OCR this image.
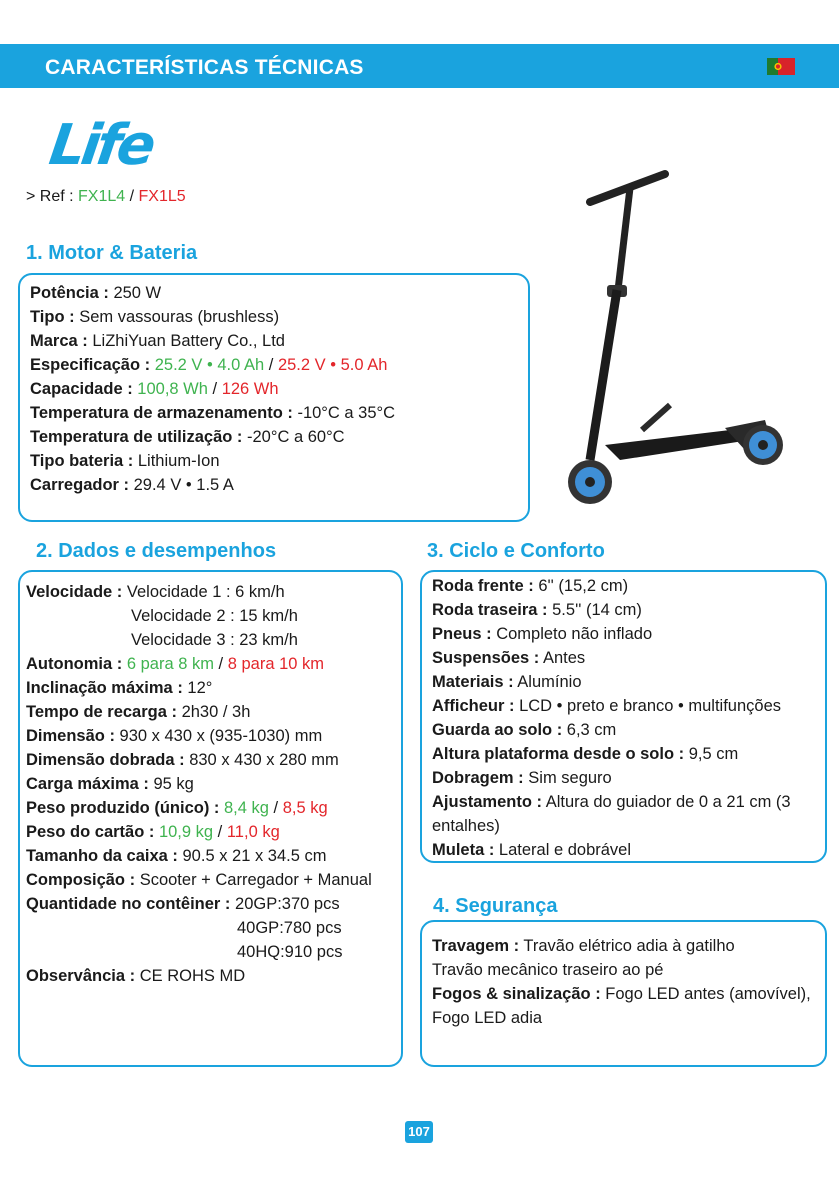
CARACTERÍSTICAS TÉCNICAS
Life
> Ref : FX1L4 / FX1L5
1. Motor & Bateria
Potência : 250 W
Tipo : Sem vassouras (brushless)
Marca : LiZhiYuan Battery Co., Ltd
Especificação : 25.2 V • 4.0 Ah / 25.2 V • 5.0 Ah
Capacidade : 100,8 Wh / 126 Wh
Temperatura de armazenamento : -10°C a 35°C
Temperatura de utilização : -20°C a 60°C
Tipo bateria : Lithium-Ion
Carregador : 29.4 V • 1.5 A
2. Dados e desempenhos
Velocidade : Velocidade 1 : 6 km/h
Velocidade 2 : 15 km/h
Velocidade 3 : 23 km/h
Autonomia : 6 para 8 km / 8 para 10 km
Inclinação máxima : 12°
Tempo de recarga : 2h30 / 3h
Dimensão : 930 x 430 x (935-1030) mm
Dimensão dobrada : 830 x 430 x 280 mm
Carga máxima : 95 kg
Peso produzido (único) : 8,4 kg / 8,5 kg
Peso do cartão : 10,9 kg / 11,0 kg
Tamanho da caixa : 90.5 x 21 x 34.5 cm
Composição : Scooter + Carregador + Manual
Quantidade no contêiner : 20GP:370 pcs
40GP:780 pcs
40HQ:910 pcs
Observância : CE ROHS MD
3. Ciclo e Conforto
Roda frente : 6'' (15,2 cm)
Roda traseira : 5.5'' (14 cm)
Pneus : Completo não inflado
Suspensões : Antes
Materiais : Alumínio
Afficheur : LCD • preto e branco • multifunções
Guarda ao solo : 6,3 cm
Altura plataforma desde o solo : 9,5 cm
Dobragem : Sim seguro
Ajustamento : Altura do guiador de 0 a 21 cm (3 entalhes)
Muleta : Lateral e dobrável
4. Segurança
Travagem : Travão elétrico adia à gatilho
Travão mecânico traseiro ao pé
Fogos & sinalização : Fogo LED antes (amovível), Fogo LED adia
107
